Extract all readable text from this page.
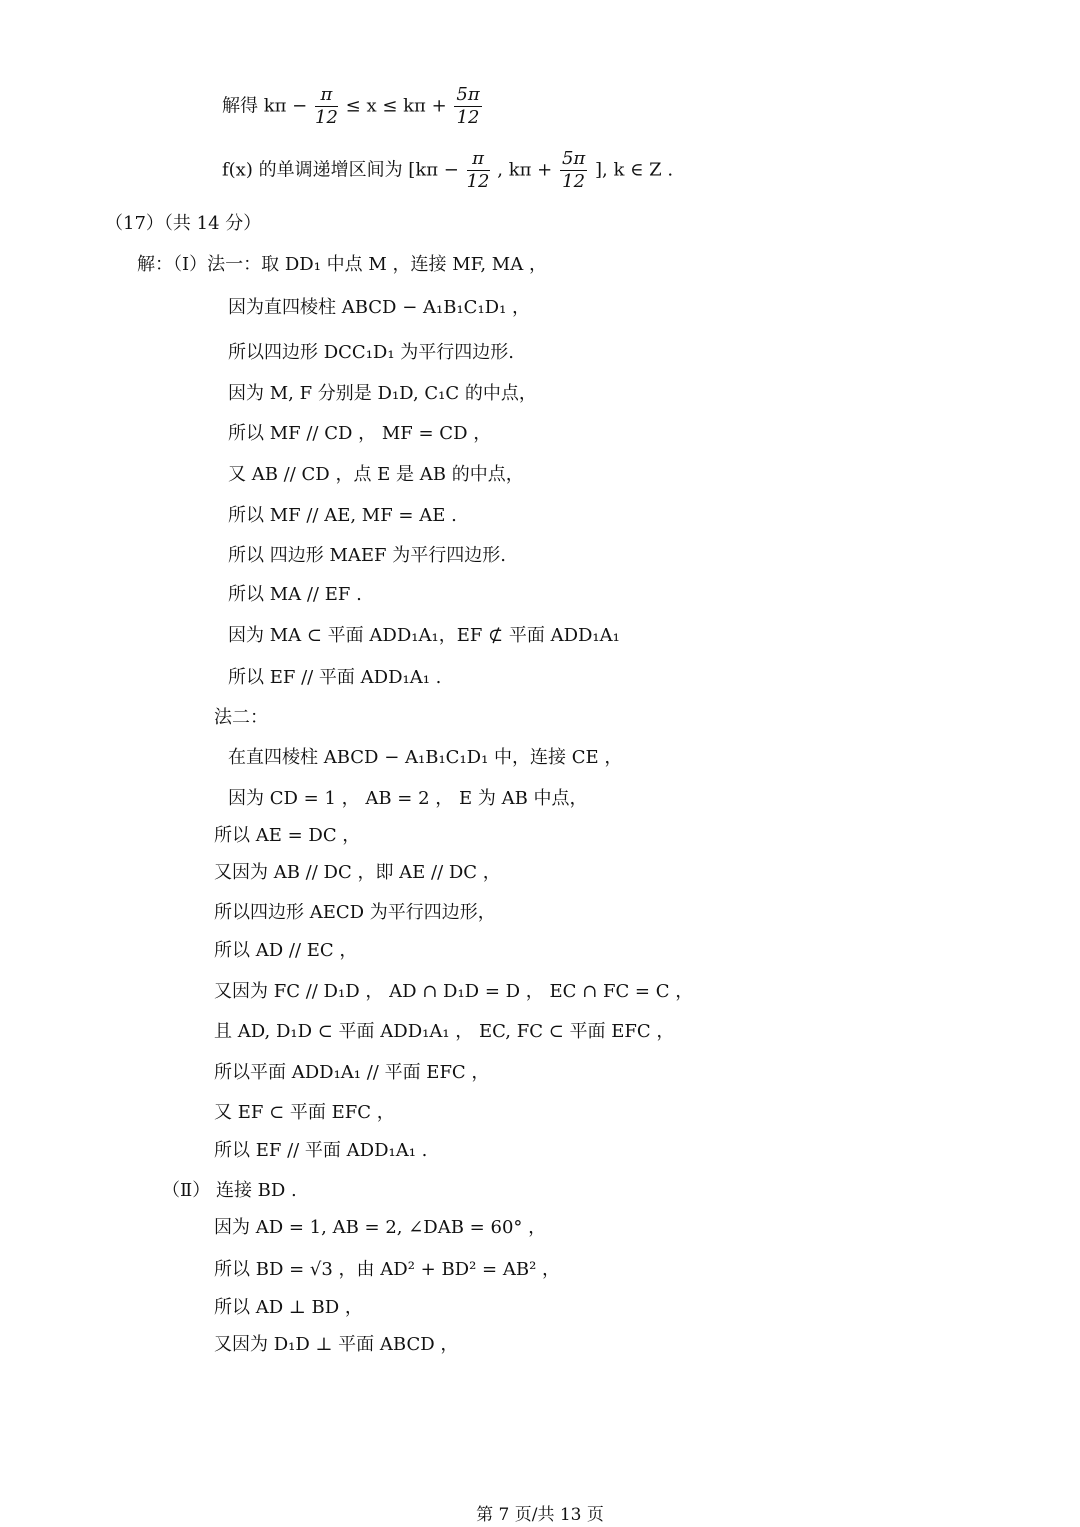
解得 $k\pi - \frac{\pi}{12} \le x \le k\pi + \frac{5\pi}{12}$
f(x) 的单调递增区间为 [$k\pi - \frac{\pi}{12}$ , $k\pi + \frac{5\pi}{12}$ ], k ∈ Z .
（17）（共 14 分）
解：（Ⅰ）法一：取 DD₁ 中点 M ，连接 MF, MA ，
因为直四棱柱 ABCD − A₁B₁C₁D₁ ，
所以四边形 DCC₁D₁ 为平行四边形.
因为 M, F 分别是 D₁D, C₁C 的中点，
所以 MF // CD ， MF = CD ，
又 AB // CD ，点 E 是 AB 的中点，
所以 MF // AE, MF = AE .
所以 四边形 MAEF 为平行四边形.
所以 MA // EF .
因为 MA ⊂ 平面 ADD₁A₁，EF ⊄ 平面 ADD₁A₁
所以 EF // 平面 ADD₁A₁ .
法二：
在直四棱柱 ABCD − A₁B₁C₁D₁ 中，连接 CE ，
因为 CD = 1 ， AB = 2 ， E 为 AB 中点，
所以 AE = DC ，
又因为 AB // DC ，即 AE // DC ，
所以四边形 AECD 为平行四边形，
所以 AD // EC ，
又因为 FC // D₁D ， AD ∩ D₁D = D ， EC ∩ FC = C ，
且 AD, D₁D ⊂ 平面 ADD₁A₁ ， EC, FC ⊂ 平面 EFC ，
所以平面 ADD₁A₁ // 平面 EFC ，
又 EF ⊂ 平面 EFC ，
所以 EF // 平面 ADD₁A₁ .
（Ⅱ） 连接 BD .
因为 AD = 1, AB = 2, ∠DAB = 60° ，
所以 BD = √3 ，由 AD² + BD² = AB² ，
所以 AD ⊥ BD ，
又因为 D₁D ⊥ 平面 ABCD ，
第 7 页/共 13 页
